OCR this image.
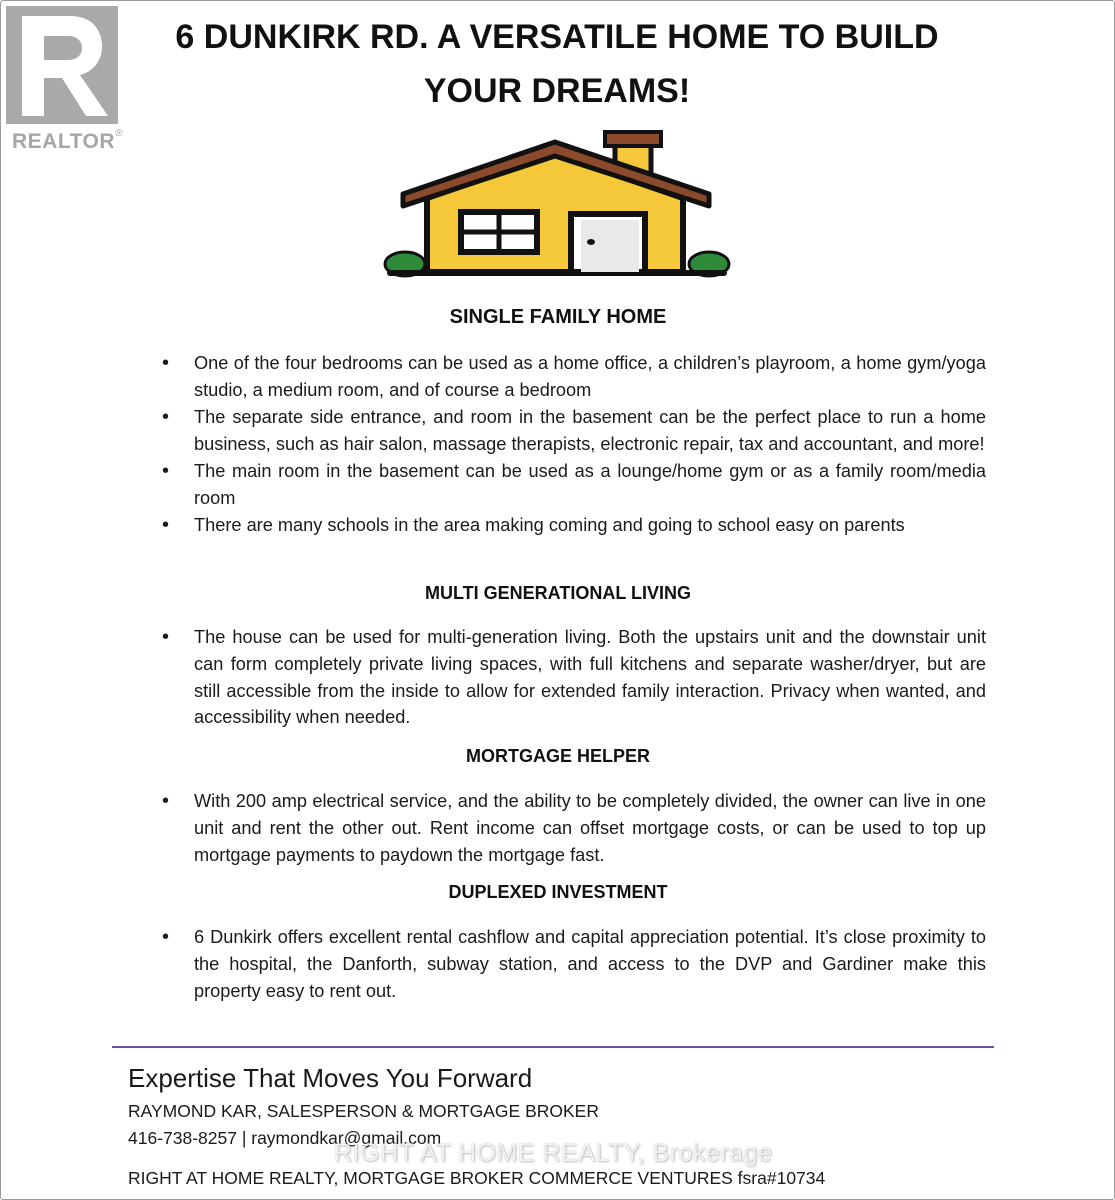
REALTOR®
6 DUNKIRK RD. A VERSATILE HOME TO BUILD YOUR DREAMS!
SINGLE FAMILY HOME
• One of the four bedrooms can be used as a home office, a children’s playroom, a home gym/yoga studio, a medium room, and of course a bedroom
• The separate side entrance, and room in the basement can be the perfect place to run a home business, such as hair salon, massage therapists, electronic repair, tax and accountant, and more!
• The main room in the basement can be used as a lounge/home gym or as a family room/media room
• There are many schools in the area making coming and going to school easy on parents
MULTI GENERATIONAL LIVING
• The house can be used for multi-generation living. Both the upstairs unit and the downstair unit can form completely private living spaces, with full kitchens and separate washer/dryer, but are still accessible from the inside to allow for extended family interaction. Privacy when wanted, and accessibility when needed.
MORTGAGE HELPER
• With 200 amp electrical service, and the ability to be completely divided, the owner can live in one unit and rent the other out. Rent income can offset mortgage costs, or can be used to top up mortgage payments to paydown the mortgage fast.
DUPLEXED INVESTMENT
• 6 Dunkirk offers excellent rental cashflow and capital appreciation potential. It’s close proximity to the hospital, the Danforth, subway station, and access to the DVP and Gardiner make this property easy to rent out.
Expertise That Moves You Forward
RAYMOND KAR, SALESPERSON & MORTGAGE BROKER
416-738-8257 | raymondkar@gmail.com
RIGHT AT HOME REALTY, MORTGAGE BROKER COMMERCE VENTURES fsra#10734
RIGHT AT HOME REALTY, Brokerage
